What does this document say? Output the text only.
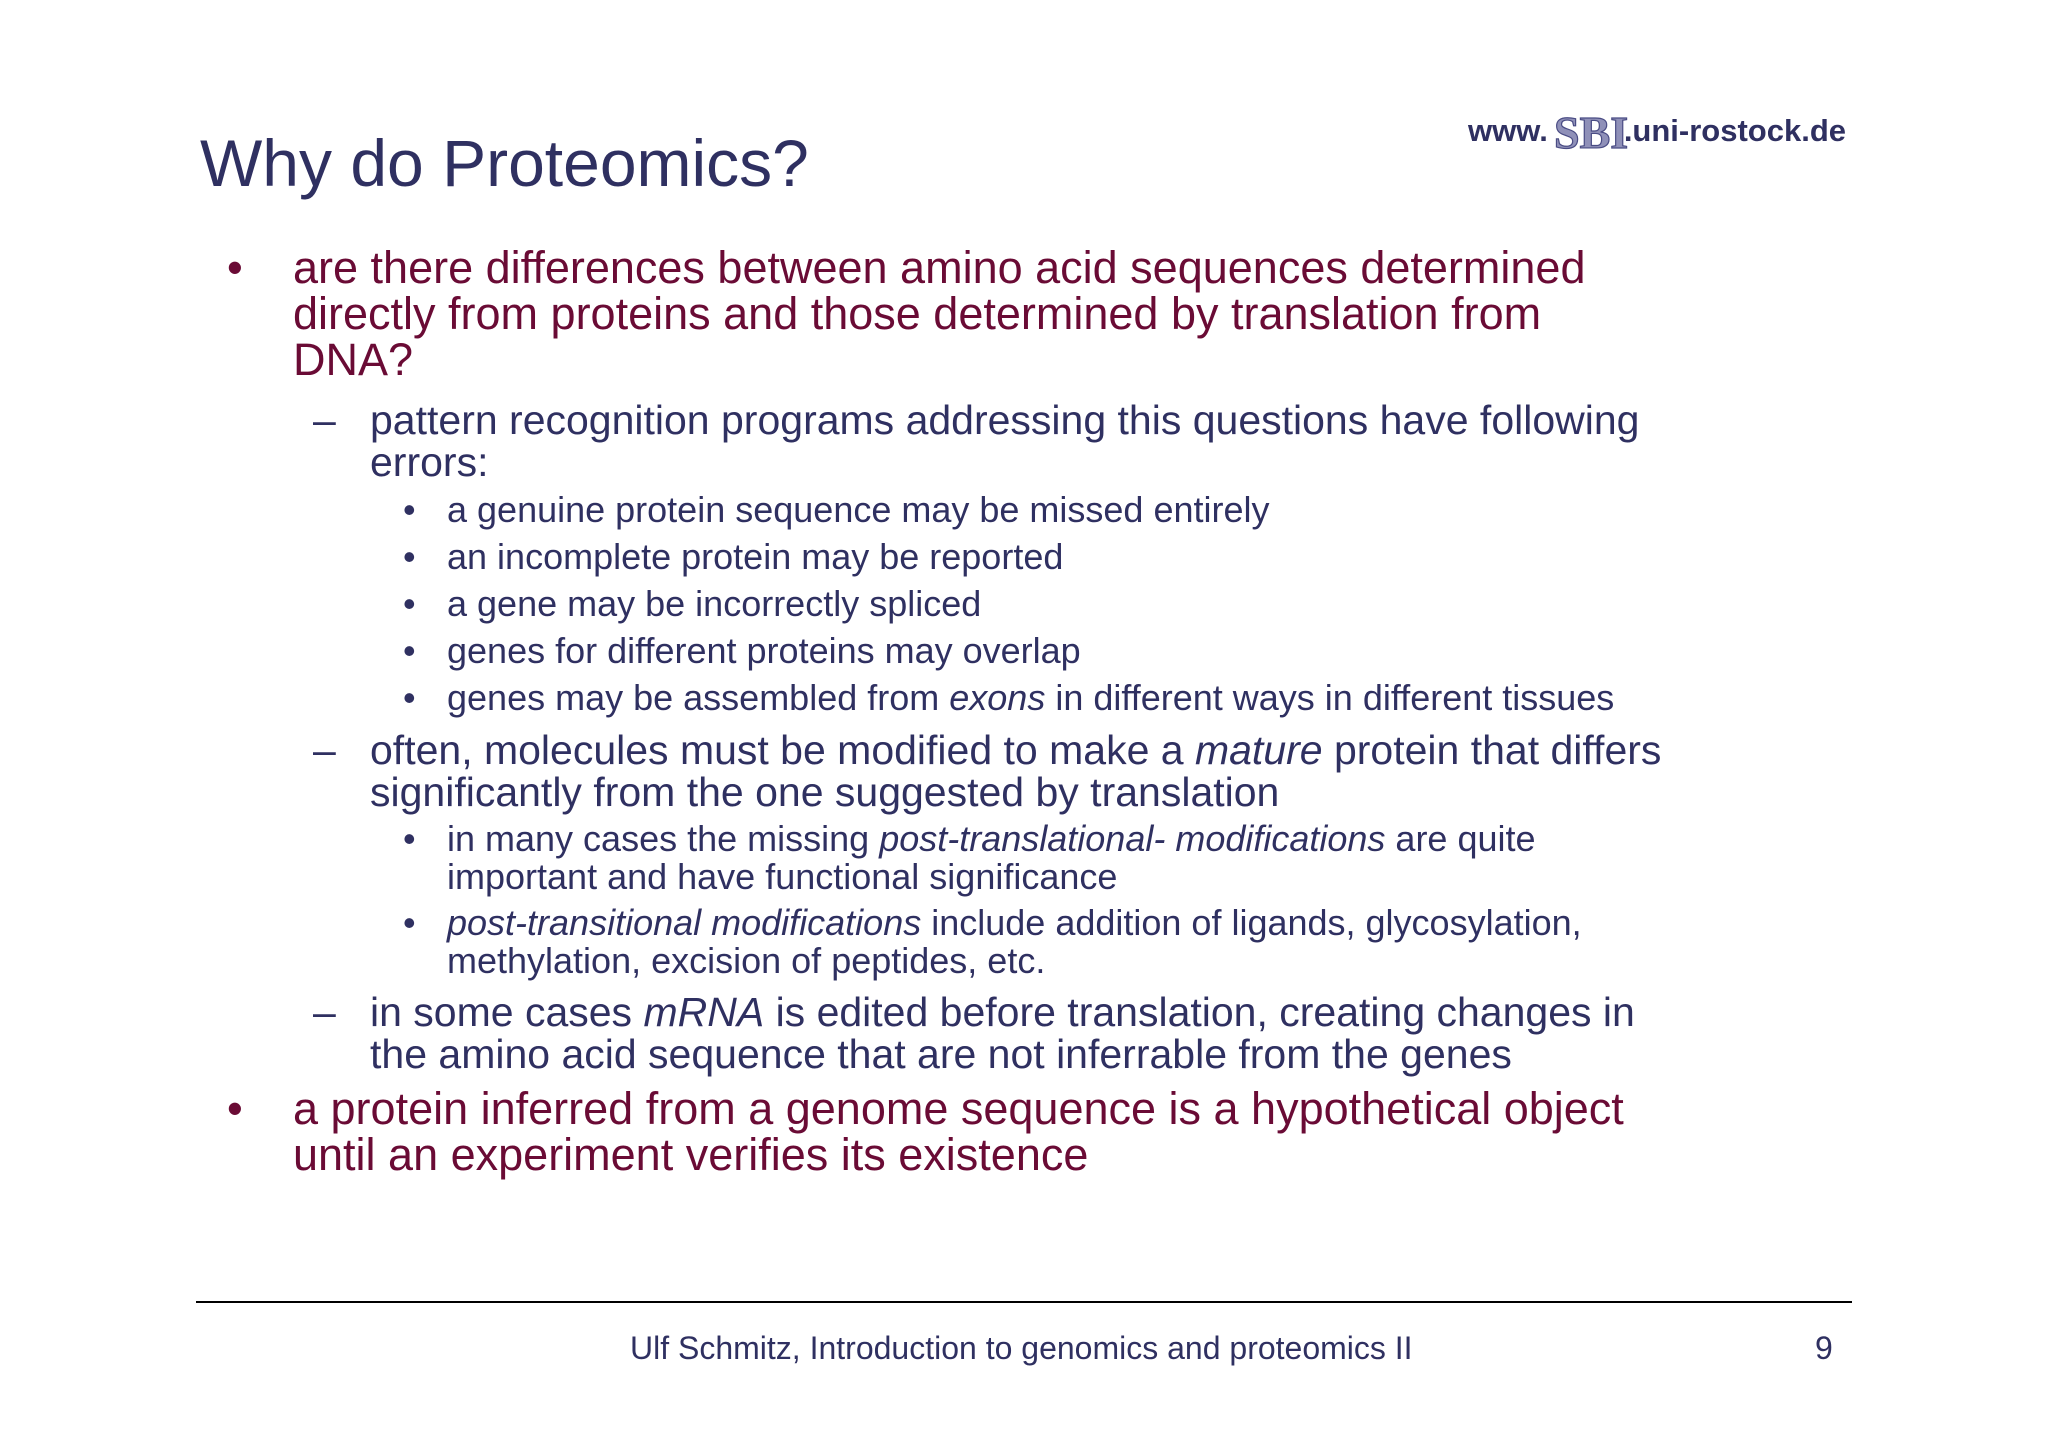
www. SBI
.uni-rostock.de
Why do Proteomics?
• are there differences between amino acid sequences determined
directly from proteins and those determined by translation from
DNA?
– pattern recognition programs addressing this questions have following
errors:
• a genuine protein sequence may be missed entirely
• an incomplete protein may be reported
• a gene may be incorrectly spliced
• genes for different proteins may overlap
• genes may be assembled from exons in different ways in different tissues
– often, molecules must be modified to make a mature protein that differs
significantly from the one suggested by translation
• in many cases the missing post-translational- modifications are quite
important and have functional significance
• post-transitional modifications include addition of ligands, glycosylation,
methylation, excision of peptides, etc.
– in some cases mRNA is edited before translation, creating changes in
the amino acid sequence that are not inferrable from the genes
• a protein inferred from a genome sequence is a hypothetical object
until an experiment verifies its existence
Ulf Schmitz, Introduction to genomics and proteomics II	9
